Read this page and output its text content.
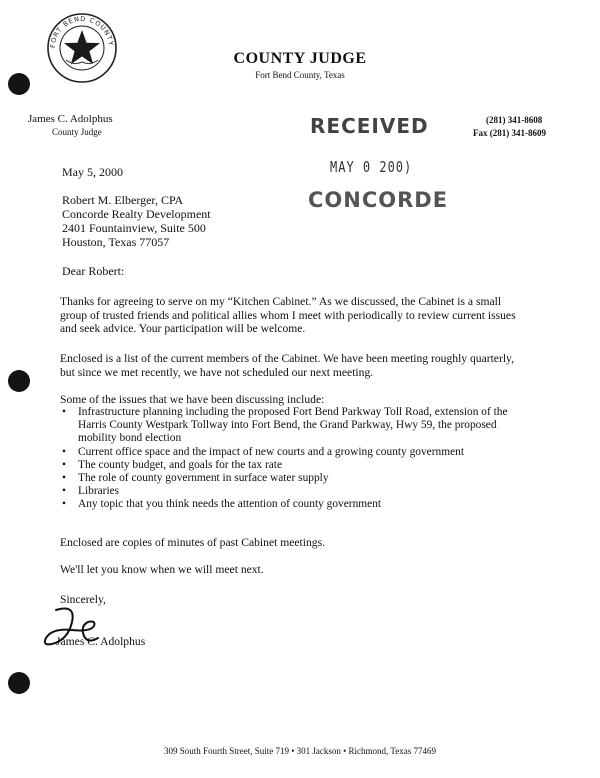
FORT BEND COUNTY
COUNTY JUDGE
Fort Bend County, Texas
James C. Adolphus
County Judge
(281) 341-8608
Fax (281) 341-8609
RECEIVED
MAY 0 200)
CONCORDE
May 5, 2000
Robert M. Elberger, CPA
Concorde Realty Development
2401 Fountainview, Suite 500
Houston, Texas 77057
Dear Robert:
Thanks for agreeing to serve on my “Kitchen Cabinet.” As we discussed, the Cabinet is a small group of trusted friends and political allies whom I meet with periodically to review current issues and seek advice. Your participation will be welcome.
Enclosed is a list of the current members of the Cabinet. We have been meeting roughly quarterly, but since we met recently, we have not scheduled our next meeting.
Some of the issues that we have been discussing include:
• Infrastructure planning including the proposed Fort Bend Parkway Toll Road, extension of the Harris County Westpark Tollway into Fort Bend, the Grand Parkway, Hwy 59, the proposed mobility bond election
• Current office space and the impact of new courts and a growing county government
• The county budget, and goals for the tax rate
• The role of county government in surface water supply
• Libraries
• Any topic that you think needs the attention of county government
Enclosed are copies of minutes of past Cabinet meetings.
We'll let you know when we will meet next.
Sincerely,
James C. Adolphus
309 South Fourth Street, Suite 719 • 301 Jackson • Richmond, Texas 77469
